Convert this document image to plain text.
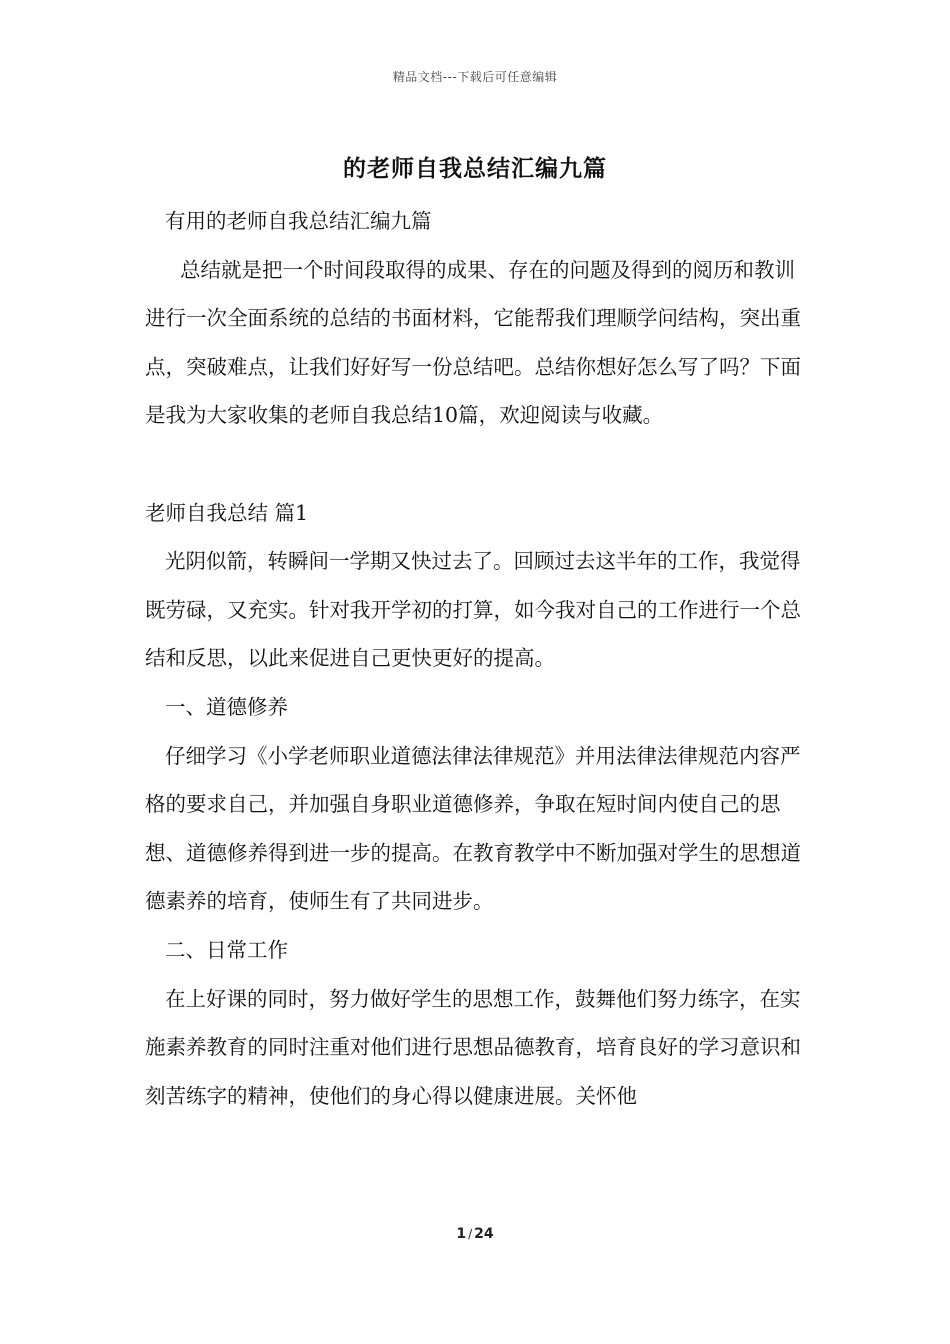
精品文档---下载后可任意编辑
的老师自我总结汇编九篇

有用的老师自我总结汇编九篇

总结就是把一个时间段取得的成果、存在的问题及得到的阅历和教训进行一次全面系统的总结的书面材料，它能帮我们理顺学问结构，突出重点，突破难点，让我们好好写一份总结吧。总结你想好怎么写了吗？下面是我为大家收集的老师自我总结10篇，欢迎阅读与收藏。

老师自我总结 篇1

光阴似箭，转瞬间一学期又快过去了。回顾过去这半年的工作，我觉得既劳碌，又充实。针对我开学初的打算，如今我对自己的工作进行一个总结和反思，以此来促进自己更快更好的提高。

一、道德修养

仔细学习《小学老师职业道德法律法律规范》并用法律法律规范内容严格的要求自己，并加强自身职业道德修养，争取在短时间内使自己的思想、道德修养得到进一步的提高。在教育教学中不断加强对学生的思想道德素养的培育，使师生有了共同进步。

二、日常工作

在上好课的同时，努力做好学生的思想工作，鼓舞他们努力练字，在实施素养教育的同时注重对他们进行思想品德教育，培育良好的学习意识和刻苦练字的精神，使他们的身心得以健康进展。关怀他

1 / 24
